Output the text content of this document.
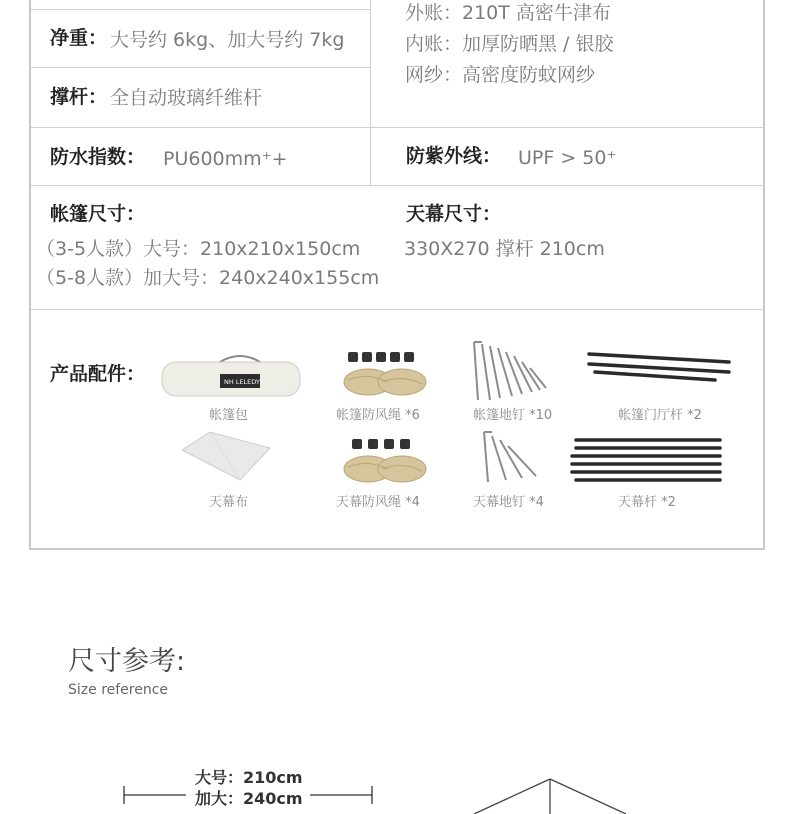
净重： 大号约 6kg、加大号约 7kg
撑杆： 全自动玻璃纤维杆
外账：210T 高密牛津布
内账：加厚防晒黑 / 银胶
网纱：高密度防蚊网纱
防水指数： PU600mm⁺+	防紫外线： UPF > 50⁺
帐篷尺寸：
（3-5人款）大号：210x210x150cm
（5-8人款）加大号：240x240x155cm
天幕尺寸：
330X270 撑杆 210cm
产品配件：	NH LELEDY
帐篷包	帐篷防风绳 *6	帐篷地钉 *10	帐篷门厅杆 *2
天幕布	天幕防风绳 *4	天幕地钉 *4	天幕杆 *2
尺寸参考:
Size reference
大号：210cm
加大：240cm
